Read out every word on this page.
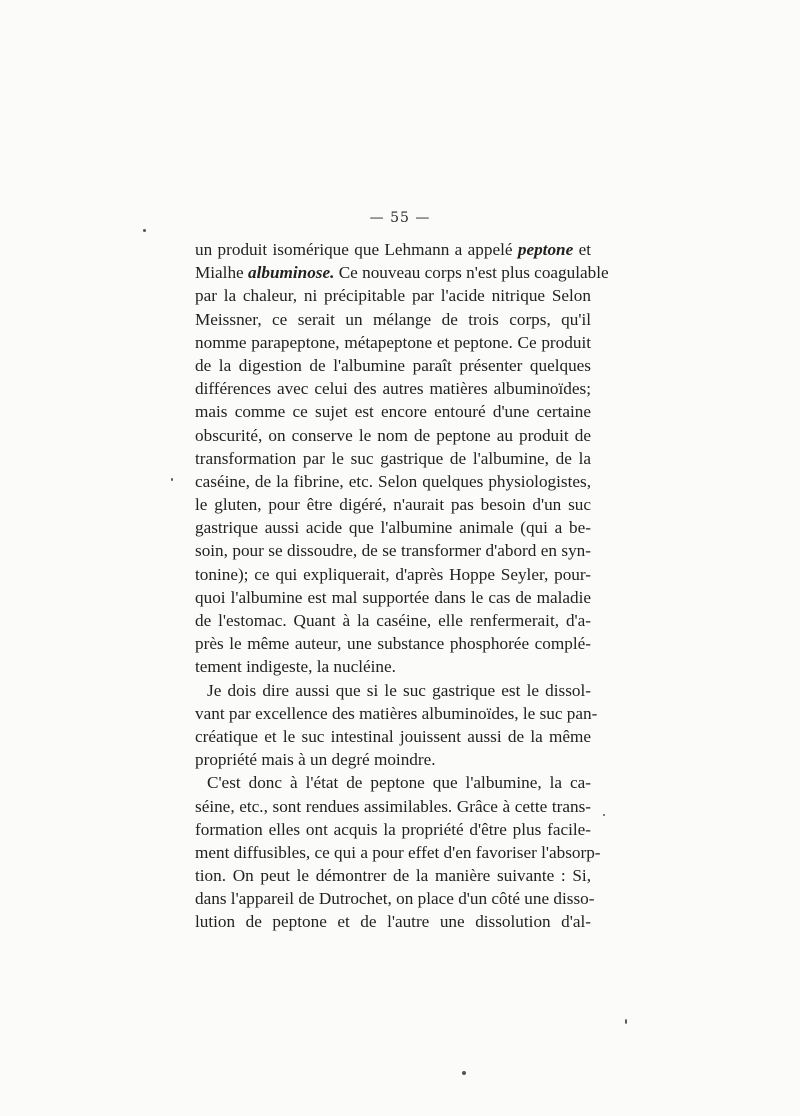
— 55 —
un produit isomérique que Lehmann a appelé peptone et
Mialhe albuminose. Ce nouveau corps n'est plus coagulable
par la chaleur, ni précipitable par l'acide nitrique Selon
Meissner, ce serait un mélange de trois corps, qu'il
nomme parapeptone, métapeptone et peptone. Ce produit
de la digestion de l'albumine paraît présenter quelques
différences avec celui des autres matières albuminoïdes;
mais comme ce sujet est encore entouré d'une certaine
obscurité, on conserve le nom de peptone au produit de
transformation par le suc gastrique de l'albumine, de la
caséine, de la fibrine, etc. Selon quelques physiologistes,
le gluten, pour être digéré, n'aurait pas besoin d'un suc
gastrique aussi acide que l'albumine animale (qui a be-
soin, pour se dissoudre, de se transformer d'abord en syn-
tonine); ce qui expliquerait, d'après Hoppe Seyler, pour-
quoi l'albumine est mal supportée dans le cas de maladie
de l'estomac. Quant à la caséine, elle renfermerait, d'a-
près le même auteur, une substance phosphorée complé-
tement indigeste, la nucléine.
Je dois dire aussi que si le suc gastrique est le dissol-
vant par excellence des matières albuminoïdes, le suc pan-
créatique et le suc intestinal jouissent aussi de la même
propriété mais à un degré moindre.
C'est donc à l'état de peptone que l'albumine, la ca-
séine, etc., sont rendues assimilables. Grâce à cette trans-
formation elles ont acquis la propriété d'être plus facile-
ment diffusibles, ce qui a pour effet d'en favoriser l'absorp-
tion. On peut le démontrer de la manière suivante : Si,
dans l'appareil de Dutrochet, on place d'un côté une disso-
lution de peptone et de l'autre une dissolution d'al-
